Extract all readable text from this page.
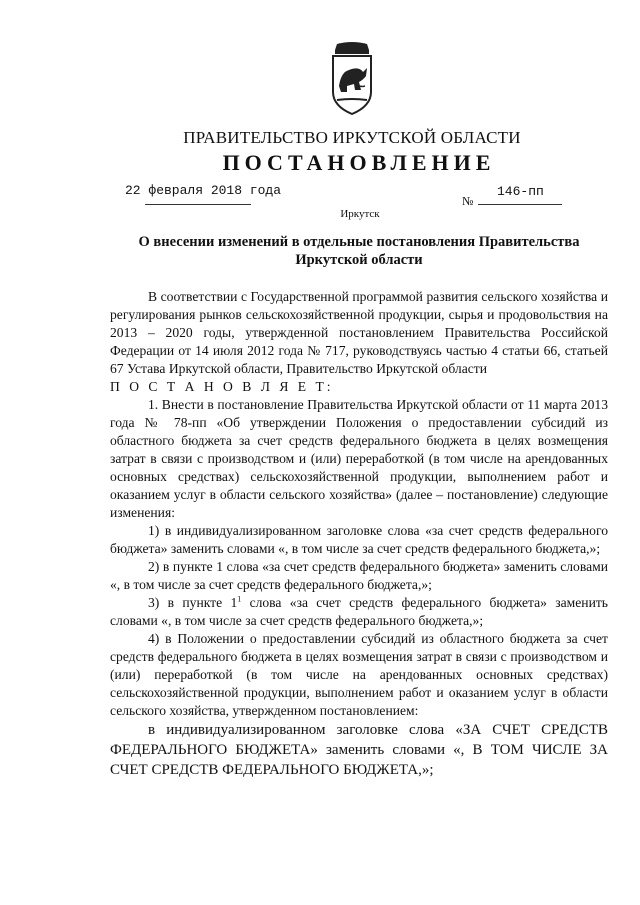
ПРАВИТЕЛЬСТВО ИРКУТСКОЙ ОБЛАСТИ
ПОСТАНОВЛЕНИЕ
22 февраля 2018 года
№
146-пп
Иркутск
О внесении изменений в отдельные постановления Правительства Иркутской области

В соответствии с Государственной программой развития сельского хозяйства и регулирования рынков сельскохозяйственной продукции, сырья и продовольствия на 2013 – 2020 годы, утвержденной постановлением Правительства Российской Федерации от 14 июля 2012 года № 717, руководствуясь частью 4 статьи 66, статьей 67 Устава Иркутской области, Правительство Иркутской области

П О С Т А Н О В Л Я Е Т:

1. Внести в постановление Правительства Иркутской области от 11 марта 2013 года № 78-пп «Об утверждении Положения о предоставлении субсидий из областного бюджета за счет средств федерального бюджета в целях возмещения затрат в связи с производством и (или) переработкой (в том числе на арендованных основных средствах) сельскохозяйственной продукции, выполнением работ и оказанием услуг в области сельского хозяйства» (далее – постановление) следующие изменения:

1) в индивидуализированном заголовке слова «за счет средств федерального бюджета» заменить словами «, в том числе за счет средств федерального бюджета,»;

2) в пункте 1 слова «за счет средств федерального бюджета» заменить словами «, в том числе за счет средств федерального бюджета,»;

3) в пункте $1^1$ слова «за счет средств федерального бюджета» заменить словами «, в том числе за счет средств федерального бюджета,»;

4) в Положении о предоставлении субсидий из областного бюджета за счет средств федерального бюджета в целях возмещения затрат в связи с производством и (или) переработкой (в том числе на арендованных основных средствах) сельскохозяйственной продукции, выполнением работ и оказанием услуг в области сельского хозяйства, утвержденном постановлением:

в индивидуализированном заголовке слова «ЗА СЧЕТ СРЕДСТВ ФЕДЕРАЛЬНОГО БЮДЖЕТА» заменить словами «, В ТОМ ЧИСЛЕ ЗА СЧЕТ СРЕДСТВ ФЕДЕРАЛЬНОГО БЮДЖЕТА,»;
